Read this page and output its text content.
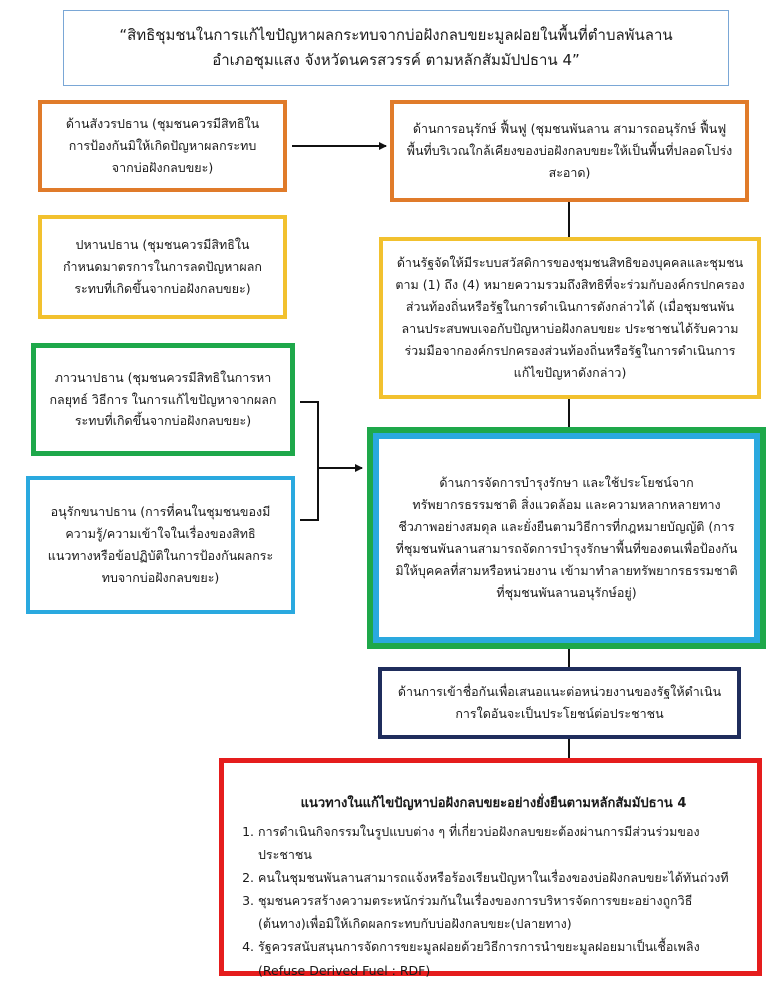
“สิทธิชุมชนในการแก้ไขปัญหาผลกระทบจากบ่อฝังกลบขยะมูลฝอยในพื้นที่ตำบลพันลาน
อำเภอชุมแสง จังหวัดนครสวรรค์ ตามหลักสัมมัปปธาน 4”
ด้านสังวรปธาน (ชุมชนควรมีสิทธิในการป้องกันมิให้เกิดปัญหาผลกระทบจากบ่อฝังกลบขยะ)
ด้านการอนุรักษ์ ฟื้นฟู (ชุมชนพันลาน สามารถอนุรักษ์ ฟื้นฟูพื้นที่บริเวณใกล้เคียงของบ่อฝังกลบขยะให้เป็นพื้นที่ปลอดโปร่ง สะอาด)
ปหานปธาน (ชุมชนควรมีสิทธิในกำหนดมาตรการในการลดปัญหาผลกระทบที่เกิดขึ้นจากบ่อฝังกลบขยะ)
ด้านรัฐจัดให้มีระบบสวัสดิการของชุมชนสิทธิของบุคคลและชุมชน ตาม (1) ถึง (4) หมายความรวมถึงสิทธิที่จะร่วมกับองค์กรปกครองส่วนท้องถิ่นหรือรัฐในการดำเนินการดังกล่าวได้ (เมื่อชุมชนพันลานประสบพบเจอกับปัญหาบ่อฝังกลบขยะ ประชาชนได้รับความร่วมมือจากองค์กรปกครองส่วนท้องถิ่นหรือรัฐในการดำเนินการแก้ไขปัญหาดังกล่าว)
ภาวนาปธาน (ชุมชนควรมีสิทธิในการหากลยุทธ์ วิธีการ ในการแก้ไขปัญหาจากผลกระทบที่เกิดขึ้นจากบ่อฝังกลบขยะ)
อนุรักขนาปธาน (การที่คนในชุมชนของมีความรู้/ความเข้าใจในเรื่องของสิทธิ แนวทางหรือข้อปฏิบัติในการป้องกันผลกระทบจากบ่อฝังกลบขยะ)
ด้านการจัดการบำรุงรักษา และใช้ประโยชน์จากทรัพยากรธรรมชาติ สิ่งแวดล้อม และความหลากหลายทางชีวภาพอย่างสมดุล และยั่งยืนตามวิธีการที่กฎหมายบัญญัติ (การที่ชุมชนพันลานสามารถจัดการบำรุงรักษาพื้นที่ของตนเพื่อป้องกันมิให้บุคคลที่สามหรือหน่วยงาน เข้ามาทำลายทรัพยากรธรรมชาติที่ชุมชนพันลานอนุรักษ์อยู่)
ด้านการเข้าชื่อกันเพื่อเสนอแนะต่อหน่วยงานของรัฐให้ดำเนินการใดอันจะเป็นประโยชน์ต่อประชาชน
แนวทางในแก้ไขปัญหาบ่อฝังกลบขยะอย่างยั่งยืนตามหลักสัมมัปธาน 4
1. การดำเนินกิจกรรมในรูปแบบต่าง ๆ ที่เกี่ยวบ่อฝังกลบขยะต้องผ่านการมีส่วนร่วมของประชาชน
2. คนในชุมชนพันลานสามารถแจ้งหรือร้องเรียนปัญหาในเรื่องของบ่อฝังกลบขยะได้ทันถ่วงที
3. ชุมชนควรสร้างความตระหนักร่วมกันในเรื่องของการบริหารจัดการขยะอย่างถูกวิธี
(ต้นทาง)เพื่อมิให้เกิดผลกระทบกับบ่อฝังกลบขยะ(ปลายทาง)
4. รัฐควรสนับสนุนการจัดการขยะมูลฝอยด้วยวิธีการการนำขยะมูลฝอยมาเป็นเชื้อเพลิง
(Refuse Derived Fuel : RDF)
